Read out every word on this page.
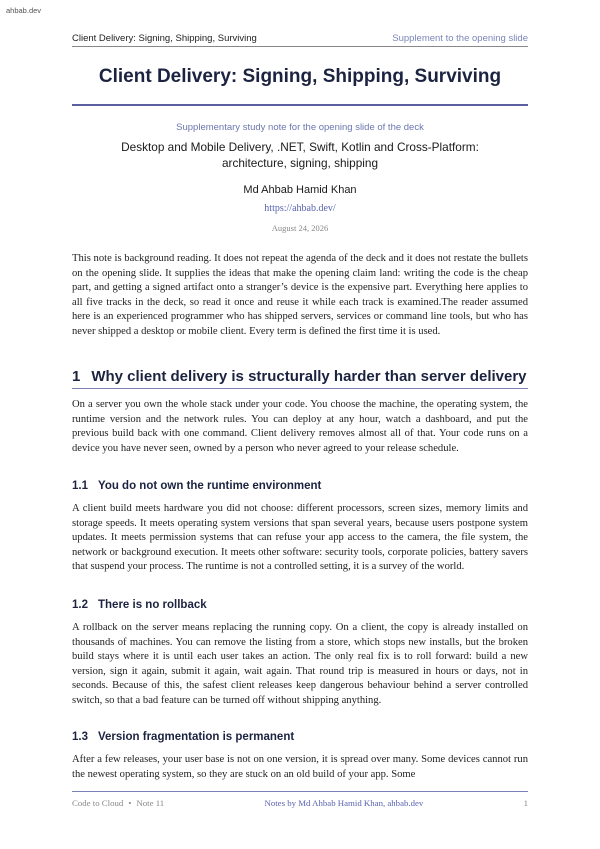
ahbab.dev
Client Delivery: Signing, Shipping, Surviving	Supplement to the opening slide
Client Delivery: Signing, Shipping, Surviving
Supplementary study note for the opening slide of the deck
Desktop and Mobile Delivery, .NET, Swift, Kotlin and Cross-Platform: architecture, signing, shipping
Md Ahbab Hamid Khan
https://ahbab.dev/
August 24, 2026

This note is background reading. It does not repeat the agenda of the deck and it does not restate the bullets on the opening slide. It supplies the ideas that make the opening claim land: writing the code is the cheap part, and getting a signed artifact onto a stranger’s device is the expensive part. Everything here applies to all five tracks in the deck, so read it once and reuse it while each track is examined.The reader assumed here is an experienced programmer who has shipped servers, services or command line tools, but who has never shipped a desktop or mobile client. Every term is defined the first time it is used.

1 Why client delivery is structurally harder than server delivery

On a server you own the whole stack under your code. You choose the machine, the operating system, the runtime version and the network rules. You can deploy at any hour, watch a dashboard, and put the previous build back with one command. Client delivery removes almost all of that. Your code runs on a device you have never seen, owned by a person who never agreed to your release schedule.

1.1 You do not own the runtime environment

A client build meets hardware you did not choose: different processors, screen sizes, memory limits and storage speeds. It meets operating system versions that span several years, because users postpone system updates. It meets permission systems that can refuse your app access to the camera, the file system, the network or background execution. It meets other software: security tools, corporate policies, battery savers that suspend your process. The runtime is not a controlled setting, it is a survey of the world.

1.2 There is no rollback

A rollback on the server means replacing the running copy. On a client, the copy is already installed on thousands of machines. You can remove the listing from a store, which stops new installs, but the broken build stays where it is until each user takes an action. The only real fix is to roll forward: build a new version, sign it again, submit it again, wait again. That round trip is measured in hours or days, not in seconds. Because of this, the safest client releases keep dangerous behaviour behind a server controlled switch, so that a bad feature can be turned off without shipping anything.

1.3 Version fragmentation is permanent

After a few releases, your user base is not on one version, it is spread over many. Some devices cannot run the newest operating system, so they are stuck on an old build of your app. Some

Code to Cloud • Note 11	Notes by Md Ahbab Hamid Khan, ahbab.dev	1
